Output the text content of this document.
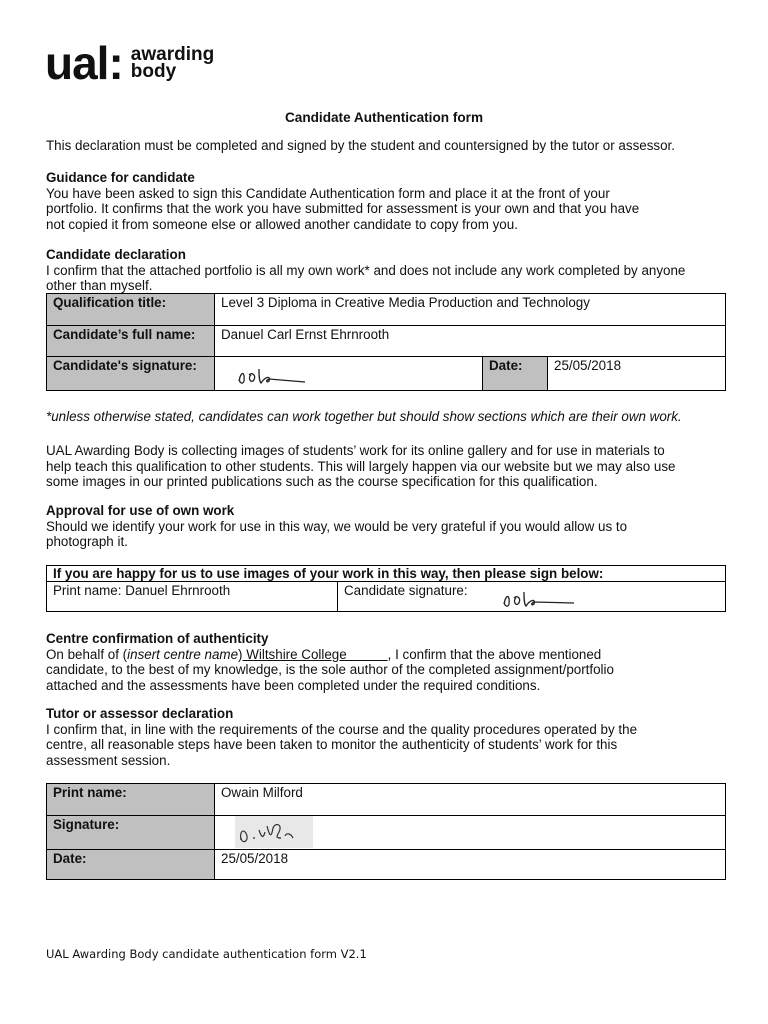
ual: awarding
body
Candidate Authentication form
This declaration must be completed and signed by the student and countersigned by the tutor or assessor.
Guidance for candidate
You have been asked to sign this Candidate Authentication form and place it at the front of your
portfolio. It confirms that the work you have submitted for assessment is your own and that you have
not copied it from someone else or allowed another candidate to copy from you.
Candidate declaration
I confirm that the attached portfolio is all my own work* and does not include any work completed by anyone
other than myself.
Qualification title:	Level 3 Diploma in Creative Media Production and Technology		
Candidate’s full name:	Danuel Carl Ernst Ehrnrooth		
Candidate's signature:		Date:	25/05/2018
*unless otherwise stated, candidates can work together but should show sections which are their own work.
UAL Awarding Body is collecting images of students’ work for its online gallery and for use in materials to
help teach this qualification to other students. This will largely happen via our website but we may also use
some images in our printed publications such as the course specification for this qualification.
Approval for use of own work
Should we identify your work for use in this way, we would be very grateful if you would allow us to
photograph it.
If you are happy for us to use images of your work in this way, then please sign below:
Print name: Danuel Ehrnrooth	Candidate signature:
Centre confirmation of authenticity
On behalf of (insert centre name) Wiltshire College           , I confirm that the above mentioned
candidate, to the best of my knowledge, is the sole author of the completed assignment/portfolio
attached and the assessments have been completed under the required conditions.
Tutor or assessor declaration
I confirm that, in line with the requirements of the course and the quality procedures operated by the
centre, all reasonable steps have been taken to monitor the authenticity of students’ work for this
assessment session.
Print name:	Owain Milford
Signature:	

Date:	25/05/2018
UAL Awarding Body candidate authentication form V2.1
